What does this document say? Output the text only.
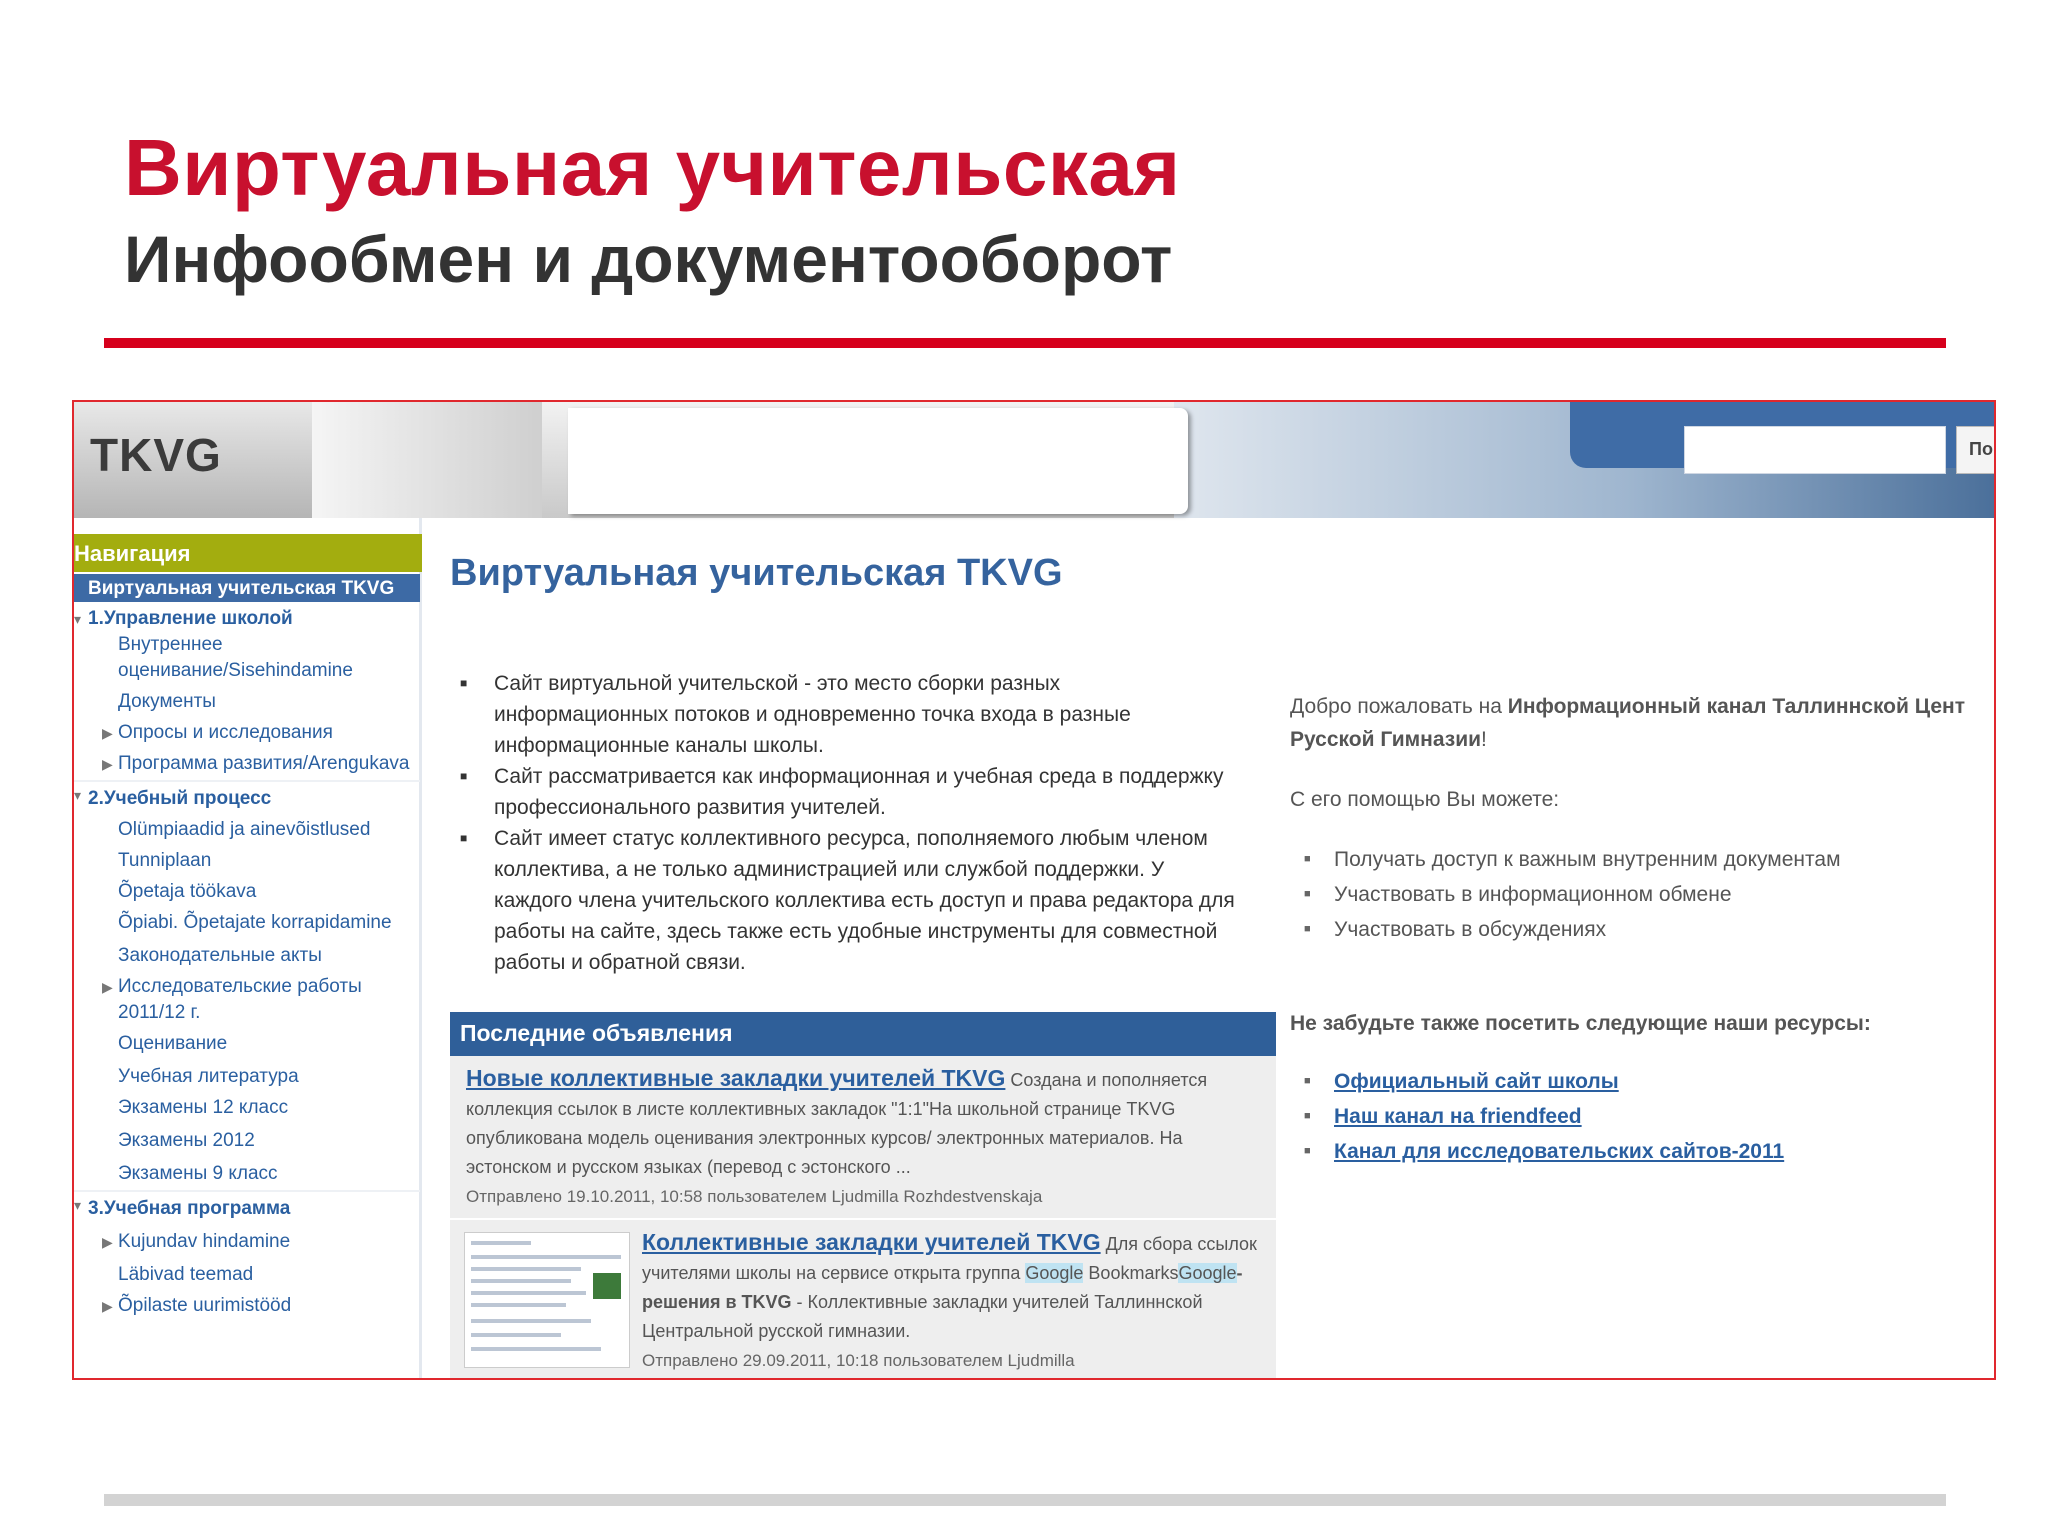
Виртуальная учительская
Инфообмен и документооборот
TKVG	По
Навигация
Виртуальная учительская TKVG
▾ 1.Управление школой
Внутреннее оценивание/Sisehindamine
Документы
▶ Опросы и исследования
▶ Программа развития/Arengukava
▾ 2.Учебный процесс
Olümpiaadid ja ainevõistlused
Tunniplaan
Õpetaja töökava
Õpiabi. Õpetajate korrapidamine
Законодательные акты
▶ Исследовательские работы 2011/12 г.
Оценивание
Учебная литература
Экзамены 12 класс
Экзамены 2012
Экзамены 9 класс
▾ 3.Учебная программа
▶ Kujundav hindamine
Läbivad teemad
▶ Õpilaste uurimistööd
Виртуальная учительская TKVG
■ Сайт виртуальной учительской - это место сборки разных информационных потоков и одновременно точка входа в разные информационные каналы школы.
■ Сайт рассматривается как информационная и учебная среда в поддержку профессионального развития учителей.
■ Сайт имеет статус коллективного ресурса, пополняемого любым членом коллектива, а не только администрацией или службой поддержки. У каждого члена учительского коллектива есть доступ и права редактора для работы на сайте, здесь также есть удобные инструменты для совместной работы и обратной связи.
Добро пожаловать на Информационный канал Таллиннской Цент
Русской Гимназии!
С его помощью Вы можете:
■ Получать доступ к важным внутренним документам
■ Участвовать в информационном обмене
■ Участвовать в обсуждениях
Не забудьте также посетить следующие наши ресурсы:
■ Официальный сайт школы
■ Наш канал на friendfeed
■ Канал для исследовательских сайтов-2011
Последние объявления
Новые коллективные закладки учителей TKVG Создана и пополняется коллекция ссылок в листе коллективных закладок "1:1"На школьной странице TKVG опубликована модель оценивания электронных курсов/ электронных материалов. На эстонском и русском языках (перевод с эстонского ...
Отправлено 19.10.2011, 10:58 пользователем Ljudmilla Rozhdestvenskaja
Коллективные закладки учителей TKVG Для сбора ссылок учителями школы на сервисе открыта группа Google BookmarksGoogle-решения в TKVG - Коллективные закладки учителей Таллиннской Центральной русской гимназии.
Отправлено 29.09.2011, 10:18 пользователем Ljudmilla
